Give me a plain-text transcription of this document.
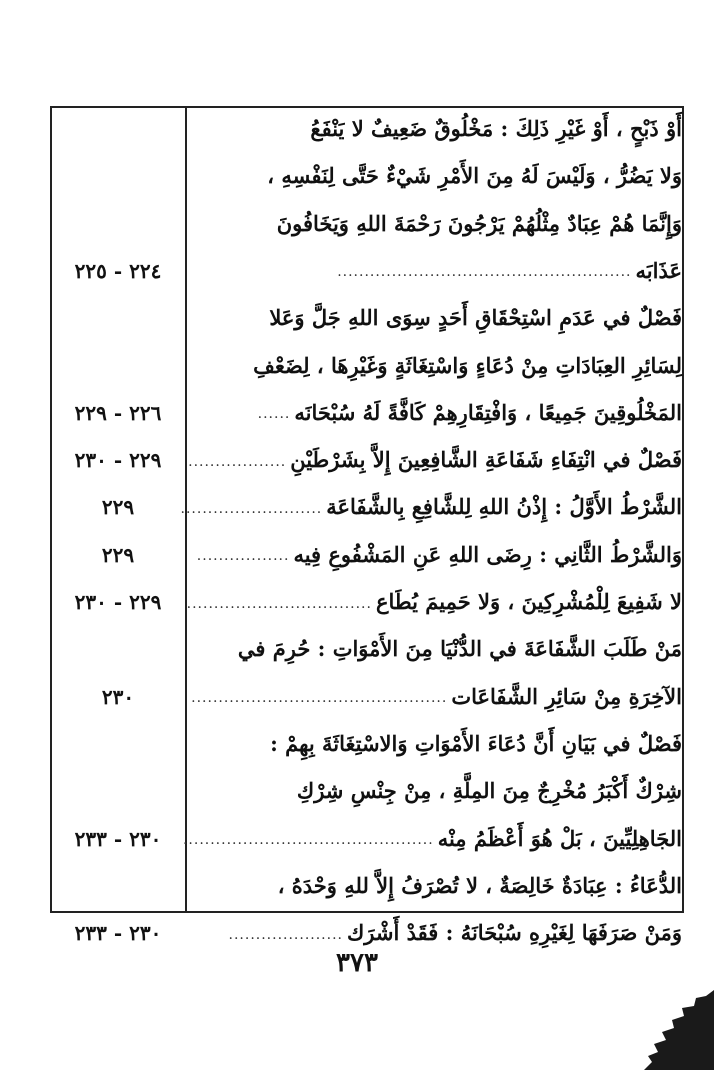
أَوْ ذَبْحٍ ، أَوْ غَيْرِ ذَلِكَ : مَخْلُوقٌ ضَعِيفٌ لا يَنْفَعُ
وَلا يَضُرُّ ، وَلَيْسَ لَهُ مِنَ الأَمْرِ شَيْءٌ حَتَّى لِنَفْسِهِ ،
وَإِنَّمَا هُمْ عِبَادٌ مِثْلُهُمْ يَرْجُونَ رَحْمَةَ اللهِ وَيَخَافُونَ
عَذَابَه......................................................
٢٢٤ - ٢٢٥
فَصْلٌ في عَدَمِ اسْتِحْقَاقِ أَحَدٍ سِوَى اللهِ جَلَّ وَعَلا
لِسَائِرِ العِبَادَاتِ مِنْ دُعَاءٍ وَاسْتِغَاثَةٍ وَغَيْرِهَا ، لِضَعْفِ
المَخْلُوقِينَ جَمِيعًا ، وَافْتِقَارِهِمْ كَافَّةً لَهُ سُبْحَانَه......
٢٢٦ - ٢٢٩
فَصْلٌ في انْتِفَاءِ شَفَاعَةِ الشَّافِعِينَ إِلاَّ بِشَرْطَيْنِ..................
٢٢٩ - ٢٣٠
الشَّرْطُ الأَوَّلُ : إِذْنُ اللهِ لِلشَّافِعِ بِالشَّفَاعَة..........................
٢٢٩
وَالشَّرْطُ الثَّانِي : رِضَى اللهِ عَنِ المَشْفُوعِ فِيه.................
٢٢٩
لا شَفِيعَ لِلْمُشْرِكِينَ ، وَلا حَمِيمَ يُطَاع..................................
٢٢٩ - ٢٣٠
مَنْ طَلَبَ الشَّفَاعَةَ في الدُّنْيَا مِنَ الأَمْوَاتِ : حُرِمَ في
الآخِرَةِ مِنْ سَائِرِ الشَّفَاعَات...............................................
٢٣٠
فَصْلٌ في بَيَانِ أَنَّ دُعَاءَ الأَمْوَاتِ وَالاسْتِغَاثَةَ بِهِمْ :
شِرْكٌ أَكْبَرُ مُخْرِجٌ مِنَ المِلَّةِ ، مِنْ جِنْسِ شِرْكِ
الجَاهِلِيِّينَ ، بَلْ هُوَ أَعْظَمُ مِنْه..............................................
٢٣٠ - ٢٣٣
الدُّعَاءُ : عِبَادَةٌ خَالِصَةٌ ، لا تُصْرَفُ إِلاَّ للهِ وَحْدَهُ ،
وَمَنْ صَرَفَهَا لِغَيْرِهِ سُبْحَانَهُ : فَقَدْ أَشْرَك.....................
٢٣٠ - ٢٣٣
٣٧٣
